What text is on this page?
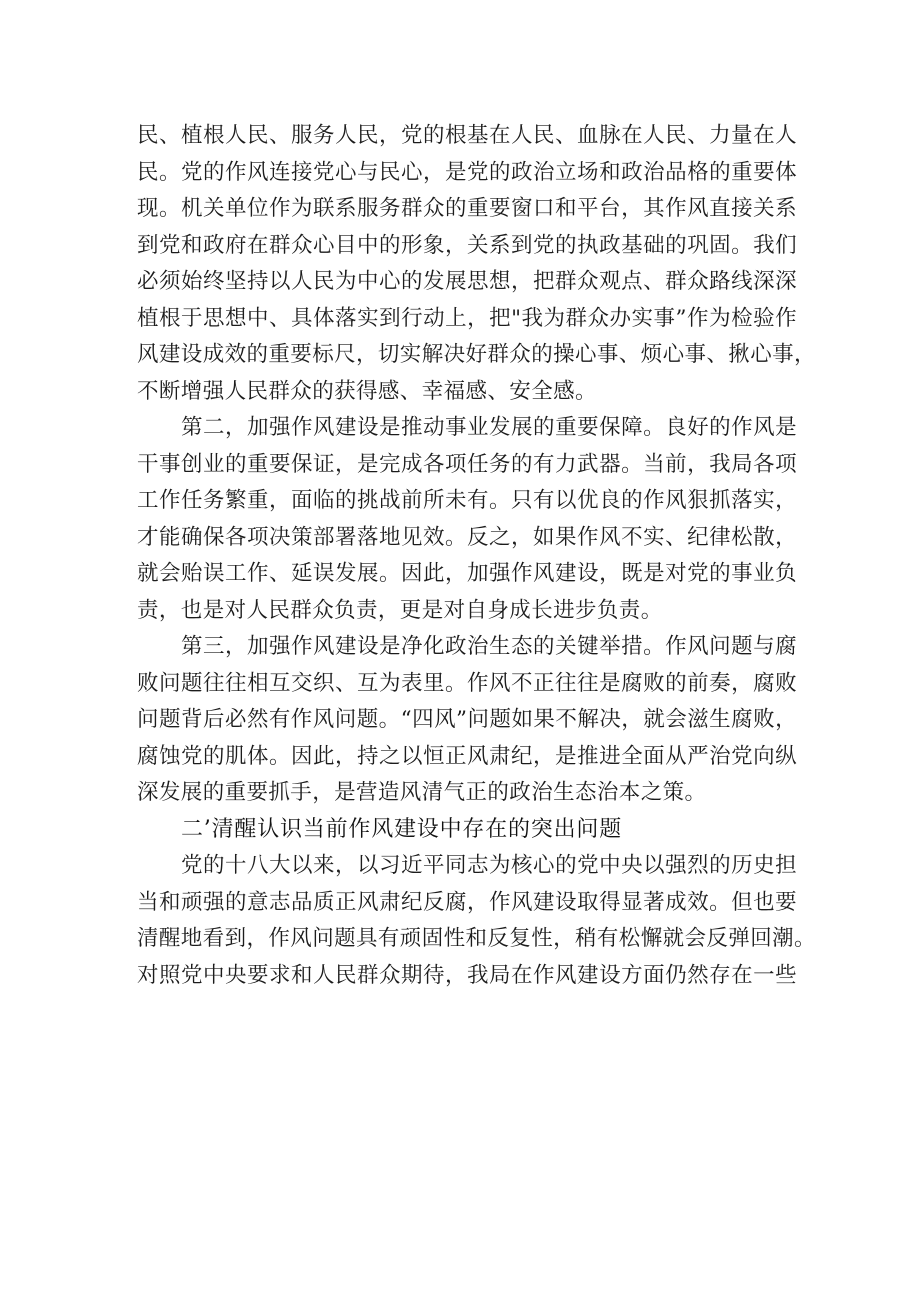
民、植根人民、服务人民，党的根基在人民、血脉在人民、力量在人
民。党的作风连接党心与民心，是党的政治立场和政治品格的重要体
现。机关单位作为联系服务群众的重要窗口和平台，其作风直接关系
到党和政府在群众心目中的形象，关系到党的执政基础的巩固。我们
必须始终坚持以人民为中心的发展思想，把群众观点、群众路线深深
植根于思想中、具体落实到行动上，把"我为群众办实事”作为检验作
风建设成效的重要标尺，切实解决好群众的操心事、烦心事、揪心事，
不断增强人民群众的获得感、幸福感、安全感。
第二，加强作风建设是推动事业发展的重要保障。良好的作风是
干事创业的重要保证，是完成各项任务的有力武器。当前，我局各项
工作任务繁重，面临的挑战前所未有。只有以优良的作风狠抓落实，
才能确保各项决策部署落地见效。反之，如果作风不实、纪律松散，
就会贻误工作、延误发展。因此，加强作风建设，既是对党的事业负
责，也是对人民群众负责，更是对自身成长进步负责。
第三，加强作风建设是净化政治生态的关键举措。作风问题与腐
败问题往往相互交织、互为表里。作风不正往往是腐败的前奏，腐败
问题背后必然有作风问题。“四风”问题如果不解决，就会滋生腐败，
腐蚀党的肌体。因此，持之以恒正风肃纪，是推进全面从严治党向纵
深发展的重要抓手，是营造风清气正的政治生态治本之策。
二’清醒认识当前作风建设中存在的突出问题
党的十八大以来，以习近平同志为核心的党中央以强烈的历史担
当和顽强的意志品质正风肃纪反腐，作风建设取得显著成效。但也要
清醒地看到，作风问题具有顽固性和反复性，稍有松懈就会反弹回潮。
对照党中央要求和人民群众期待，我局在作风建设方面仍然存在一些
